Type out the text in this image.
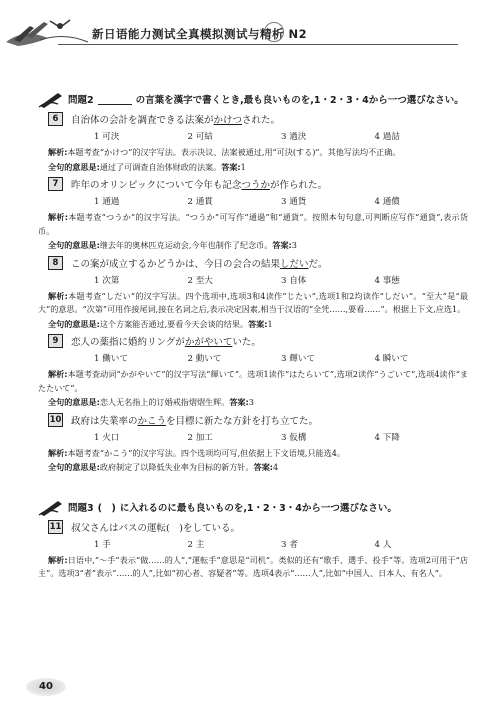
新日语能力测试全真模拟测试与精析 N2
問題2	の言葉を漢字で書くとき,最も良いものを,1・2・3・4から一つ選びなさい。
6	自治体の会計を調査できる法案が かけつ された。
1 可決	2 可結	3 過決	4 過詰

解析:本题考查“かけつ”的汉字写法。表示决议、法案被通过,用“可決(する)”。其他写法均不正确。

全句的意思是:通过了可调查自治体财政的法案。答案:1
7	昨年のオリンピックについて今年も記念 つうか が作られた。
1 通過	2 通貫	3 通貨	4 通償

解析:本题考查“つうか”的汉字写法。“つうか”可写作“通過”和“通貨”。按照本句句意,可判断应写作“通貨”,表示货币。

全句的意思是:继去年的奥林匹克运动会,今年也制作了纪念币。答案:3
8	この案が成立するかどうかは、今日の会合の結果 しだい だ。
1 次第	2 至大	3 自体	4 事態

解析:本题考查“しだい”的汉字写法。四个选项中,选项3和4读作“じたい”,选项1和2均读作“しだい”。“至大”是“最大”的意思。“次第”可用作接尾词,接在名词之后,表示决定因素,相当于汉语的“全凭……,要看……”。根据上下文,应选1。

全句的意思是:这个方案能否通过,要看今天会谈的结果。答案:1
9	恋人の薬指に婚約リングが かがやいて いた。
1 働いて	2 動いて	3 輝いて	4 瞬いて

解析:本题考查动词“かがやいて”的汉字写法“輝いて”。选项1读作“はたらいて”,选项2读作“うごいて”,选项4读作“またたいて”。

全句的意思是:恋人无名指上的订婚戒指熠熠生辉。答案:3
10 政府は失業率の かこう を目標に新たな方針を打ち立てた。
1 火口	2 加工	3 仮構	4 下降

解析:本题考查“かこう”的汉字写法。四个选项均可写,但依据上下文语境,只能选4。

全句的意思是:政府制定了以降低失业率为目标的新方针。答案:4
問題3 (　) に入れるのに最も良いものを,1・2・3・4から一つ選びなさい。
11 叔父さんはバスの運転 (　) をしている。
1 手	2 主	3 者	4 人

解析:日语中,“～手”表示“做……的人”,“運転手”意思是“司机”。类似的还有“歌手、選手、投手”等。选项2可用于“店主”。选项3“者”表示“……的人”,比如“初心者、容疑者”等。选项4表示“……人”,比如“中国人、日本人、有名人”。

40
